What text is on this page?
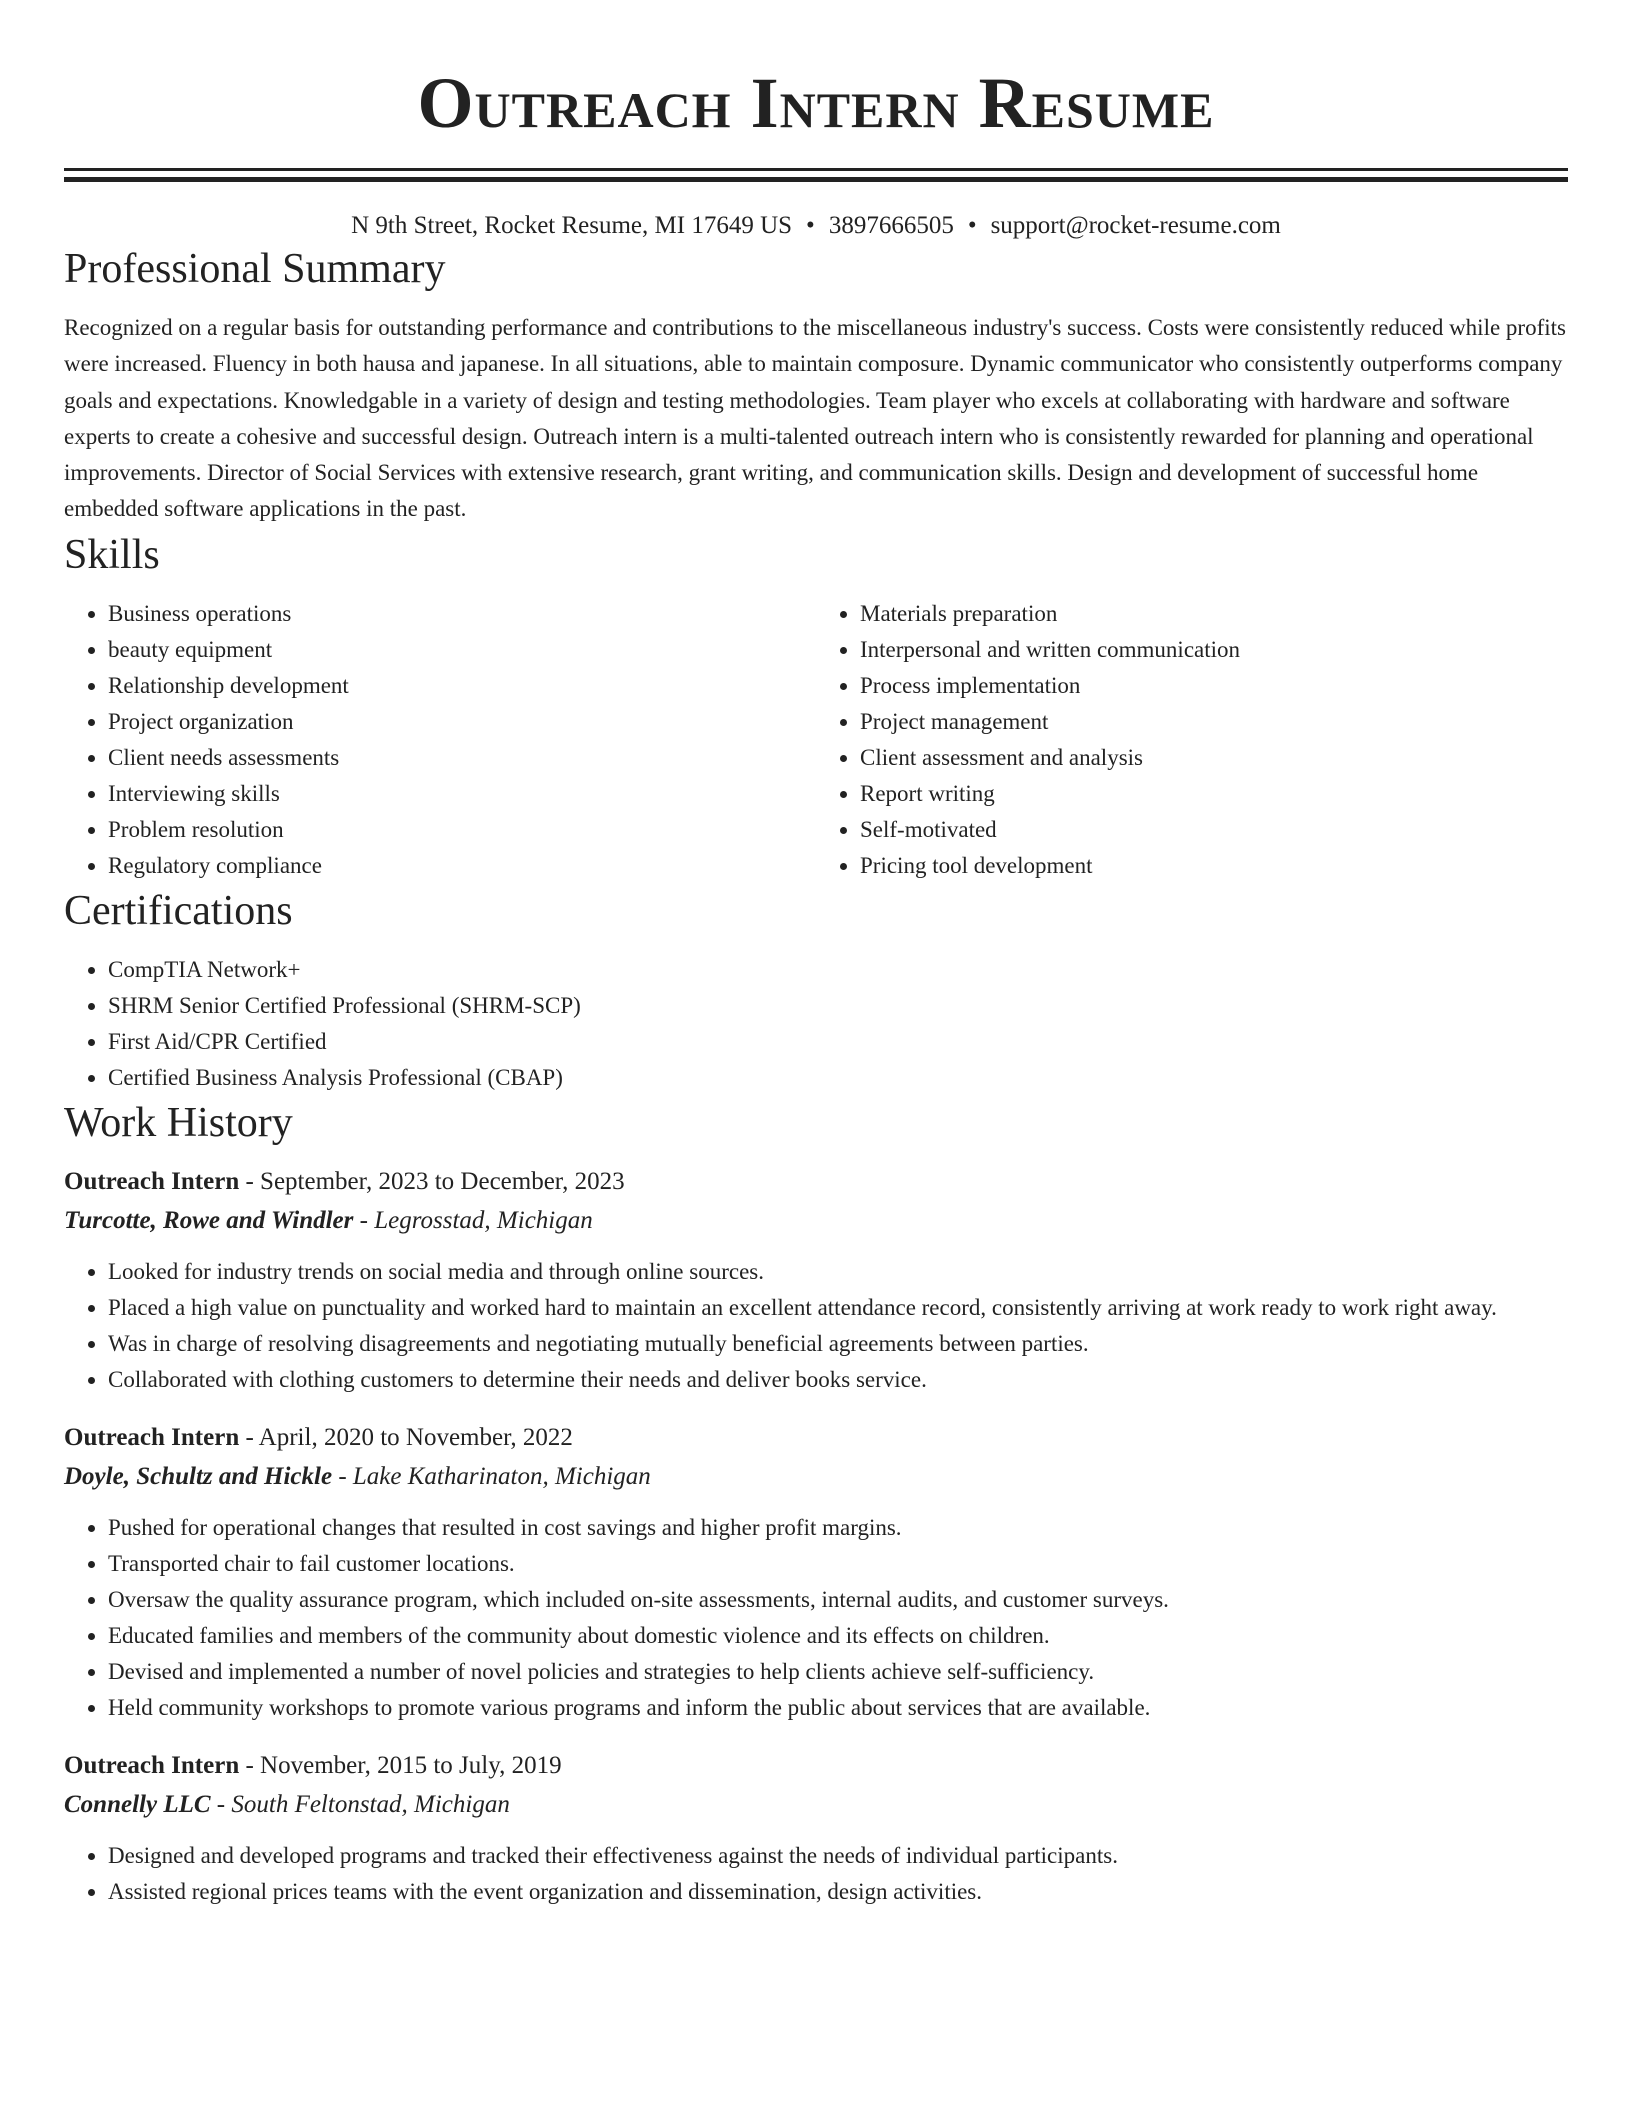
Outreach Intern Resume
N 9th Street, Rocket Resume, MI 17649 US • 3897666505 • support@rocket-resume.com
Professional Summary

Recognized on a regular basis for outstanding performance and contributions to the miscellaneous industry's success. Costs were consistently reduced while profits were increased. Fluency in both hausa and japanese. In all situations, able to maintain composure. Dynamic communicator who consistently outperforms company goals and expectations. Knowledgable in a variety of design and testing methodologies. Team player who excels at collaborating with hardware and software experts to create a cohesive and successful design. Outreach intern is a multi-talented outreach intern who is consistently rewarded for planning and operational improvements. Director of Social Services with extensive research, grant writing, and communication skills. Design and development of successful home embedded software applications in the past.

Skills
• Business operations
• beauty equipment
• Relationship development
• Project organization
• Client needs assessments
• Interviewing skills
• Problem resolution
• Regulatory compliance
• Materials preparation
• Interpersonal and written communication
• Process implementation
• Project management
• Client assessment and analysis
• Report writing
• Self-motivated
• Pricing tool development
Certifications
• CompTIA Network+
• SHRM Senior Certified Professional (SHRM-SCP)
• First Aid/CPR Certified
• Certified Business Analysis Professional (CBAP)
Work History
Outreach Intern - September, 2023 to December, 2023
Turcotte, Rowe and Windler - Legrosstad, Michigan
• Looked for industry trends on social media and through online sources.
• Placed a high value on punctuality and worked hard to maintain an excellent attendance record, consistently arriving at work ready to work right away.
• Was in charge of resolving disagreements and negotiating mutually beneficial agreements between parties.
• Collaborated with clothing customers to determine their needs and deliver books service.
Outreach Intern - April, 2020 to November, 2022
Doyle, Schultz and Hickle - Lake Katharinaton, Michigan
• Pushed for operational changes that resulted in cost savings and higher profit margins.
• Transported chair to fail customer locations.
• Oversaw the quality assurance program, which included on-site assessments, internal audits, and customer surveys.
• Educated families and members of the community about domestic violence and its effects on children.
• Devised and implemented a number of novel policies and strategies to help clients achieve self-sufficiency.
• Held community workshops to promote various programs and inform the public about services that are available.
Outreach Intern - November, 2015 to July, 2019
Connelly LLC - South Feltonstad, Michigan
• Designed and developed programs and tracked their effectiveness against the needs of individual participants.
• Assisted regional prices teams with the event organization and dissemination, design activities.
